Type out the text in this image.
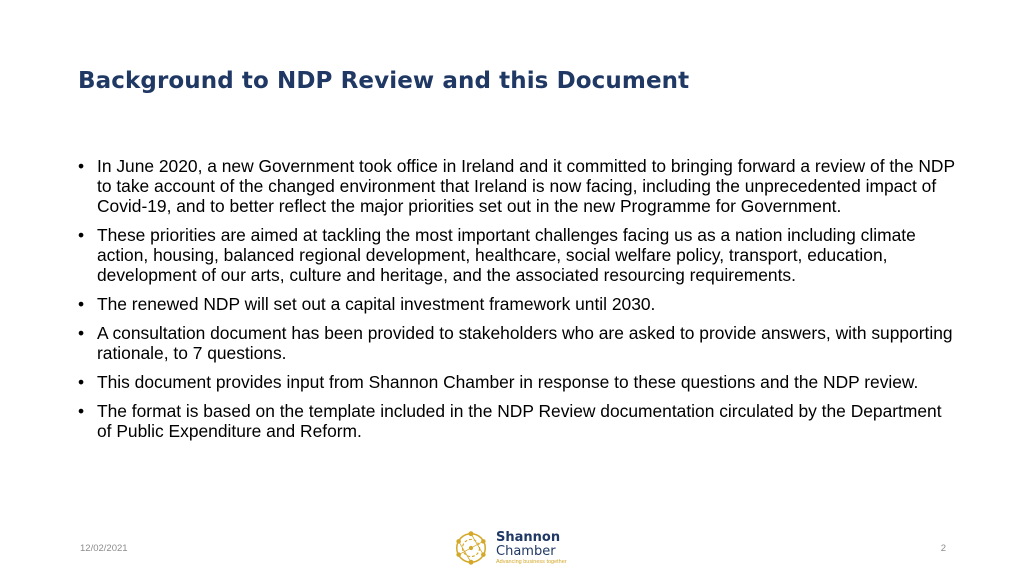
Background to NDP Review and this Document
• In June 2020, a new Government took office in Ireland and it committed to bringing forward a review of the NDP to take account of the changed environment that Ireland is now facing, including the unprecedented impact of Covid-19, and to better reflect the major priorities set out in the new Programme for Government.
• These priorities are aimed at tackling the most important challenges facing us as a nation including climate action, housing, balanced regional development, healthcare, social welfare policy, transport, education, development of our arts, culture and heritage, and the associated resourcing requirements.
• The renewed NDP will set out a capital investment framework until 2030.
• A consultation document has been provided to stakeholders who are asked to provide answers, with supporting rationale, to 7 questions.
• This document provides input from Shannon Chamber in response to these questions and the NDP review.
• The format is based on the template included in the NDP Review documentation circulated by the Department of Public Expenditure and Reform.
12/02/2021
Shannon
Chamber
Advancing business together
2
